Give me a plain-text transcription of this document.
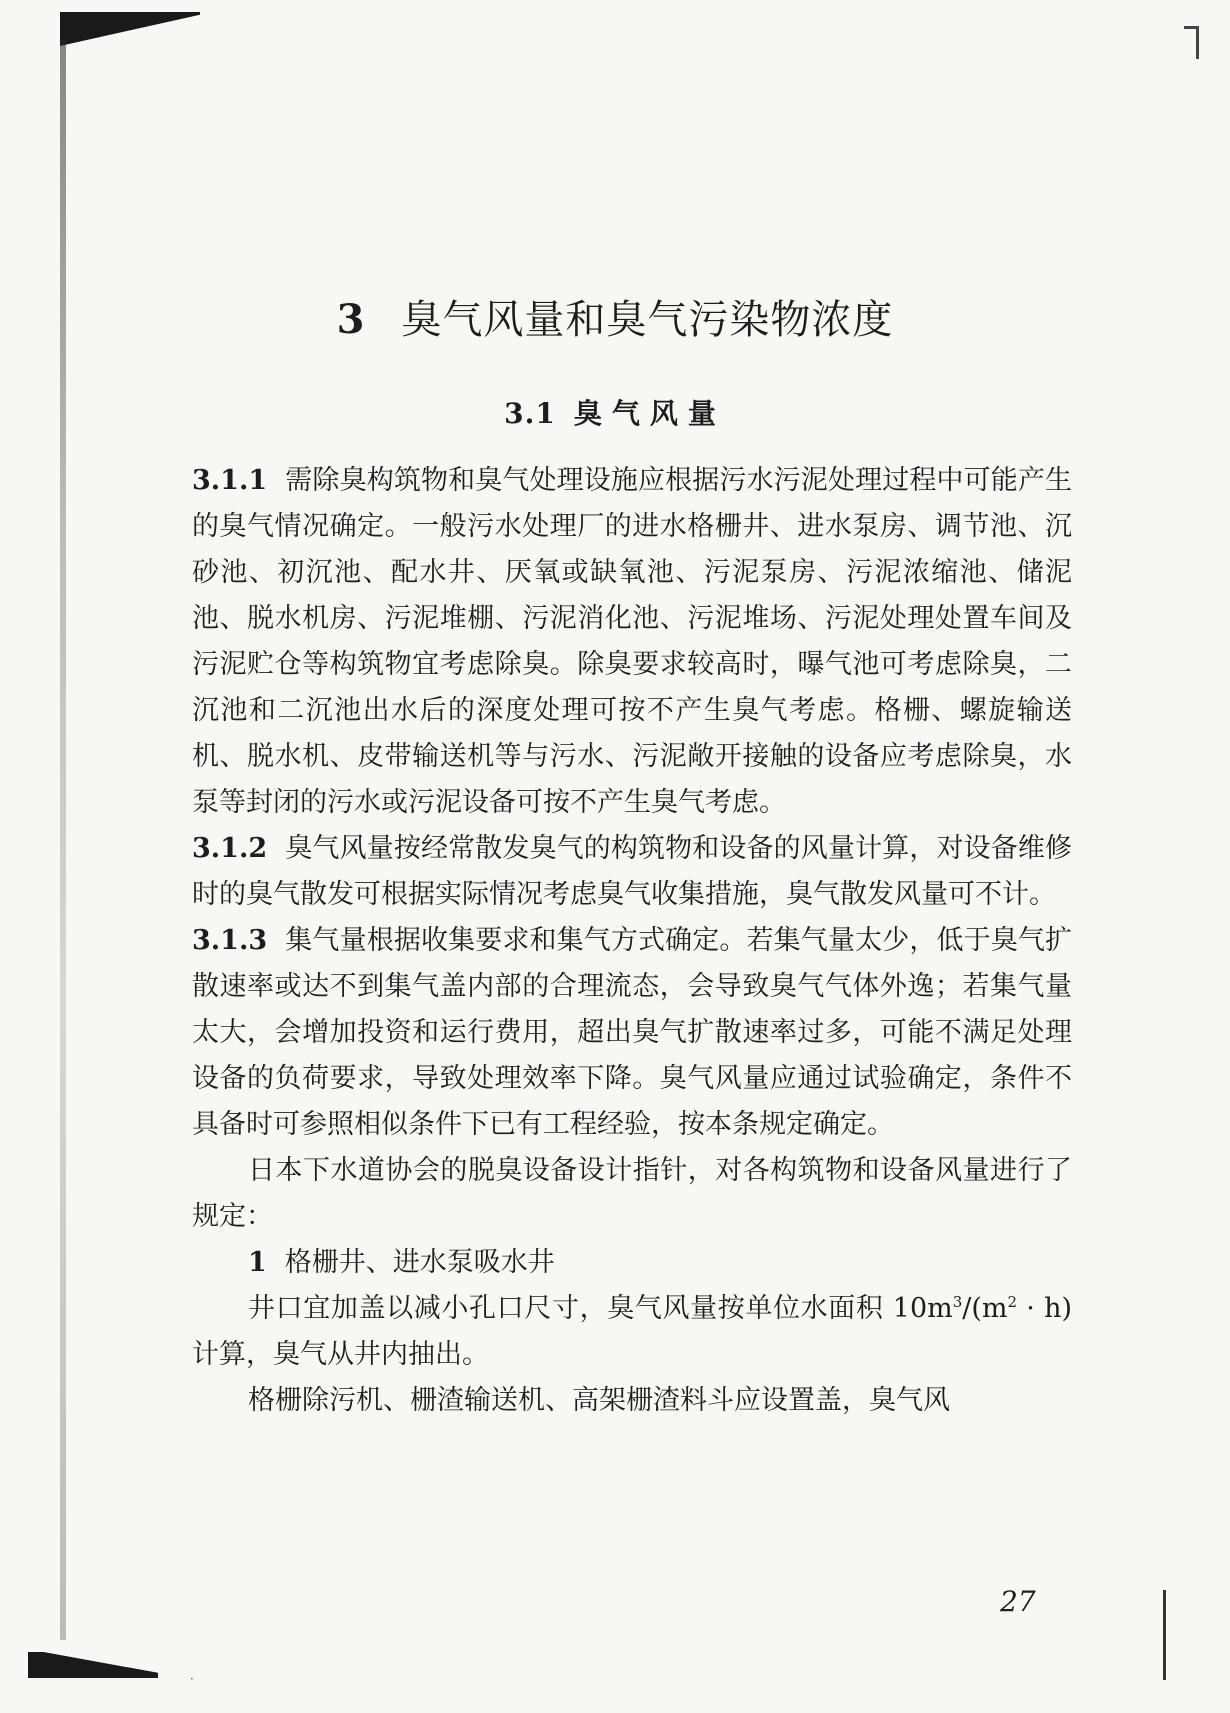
3 臭气风量和臭气污染物浓度
3.1 臭气风量

3.1.1 需除臭构筑物和臭气处理设施应根据污水污泥处理过程中可能产生的臭气情况确定。一般污水处理厂的进水格栅井、进水泵房、调节池、沉砂池、初沉池、配水井、厌氧或缺氧池、污泥泵房、污泥浓缩池、储泥池、脱水机房、污泥堆棚、污泥消化池、污泥堆场、污泥处理处置车间及污泥贮仓等构筑物宜考虑除臭。除臭要求较高时，曝气池可考虑除臭，二沉池和二沉池出水后的深度处理可按不产生臭气考虑。格栅、螺旋输送机、脱水机、皮带输送机等与污水、污泥敞开接触的设备应考虑除臭，水泵等封闭的污水或污泥设备可按不产生臭气考虑。

3.1.2 臭气风量按经常散发臭气的构筑物和设备的风量计算，对设备维修时的臭气散发可根据实际情况考虑臭气收集措施，臭气散发风量可不计。

3.1.3 集气量根据收集要求和集气方式确定。若集气量太少，低于臭气扩散速率或达不到集气盖内部的合理流态，会导致臭气气体外逸；若集气量太大，会增加投资和运行费用，超出臭气扩散速率过多，可能不满足处理设备的负荷要求，导致处理效率下降。臭气风量应通过试验确定，条件不具备时可参照相似条件下已有工程经验，按本条规定确定。

日本下水道协会的脱臭设备设计指针，对各构筑物和设备风量进行了规定：

1 格栅井、进水泵吸水井

井口宜加盖以减小孔口尺寸，臭气风量按单位水面积 $10m^3/(m^2 \cdot h)$ 计算，臭气从井内抽出。

格栅除污机、栅渣输送机、高架栅渣料斗应设置盖，臭气风

27
·
